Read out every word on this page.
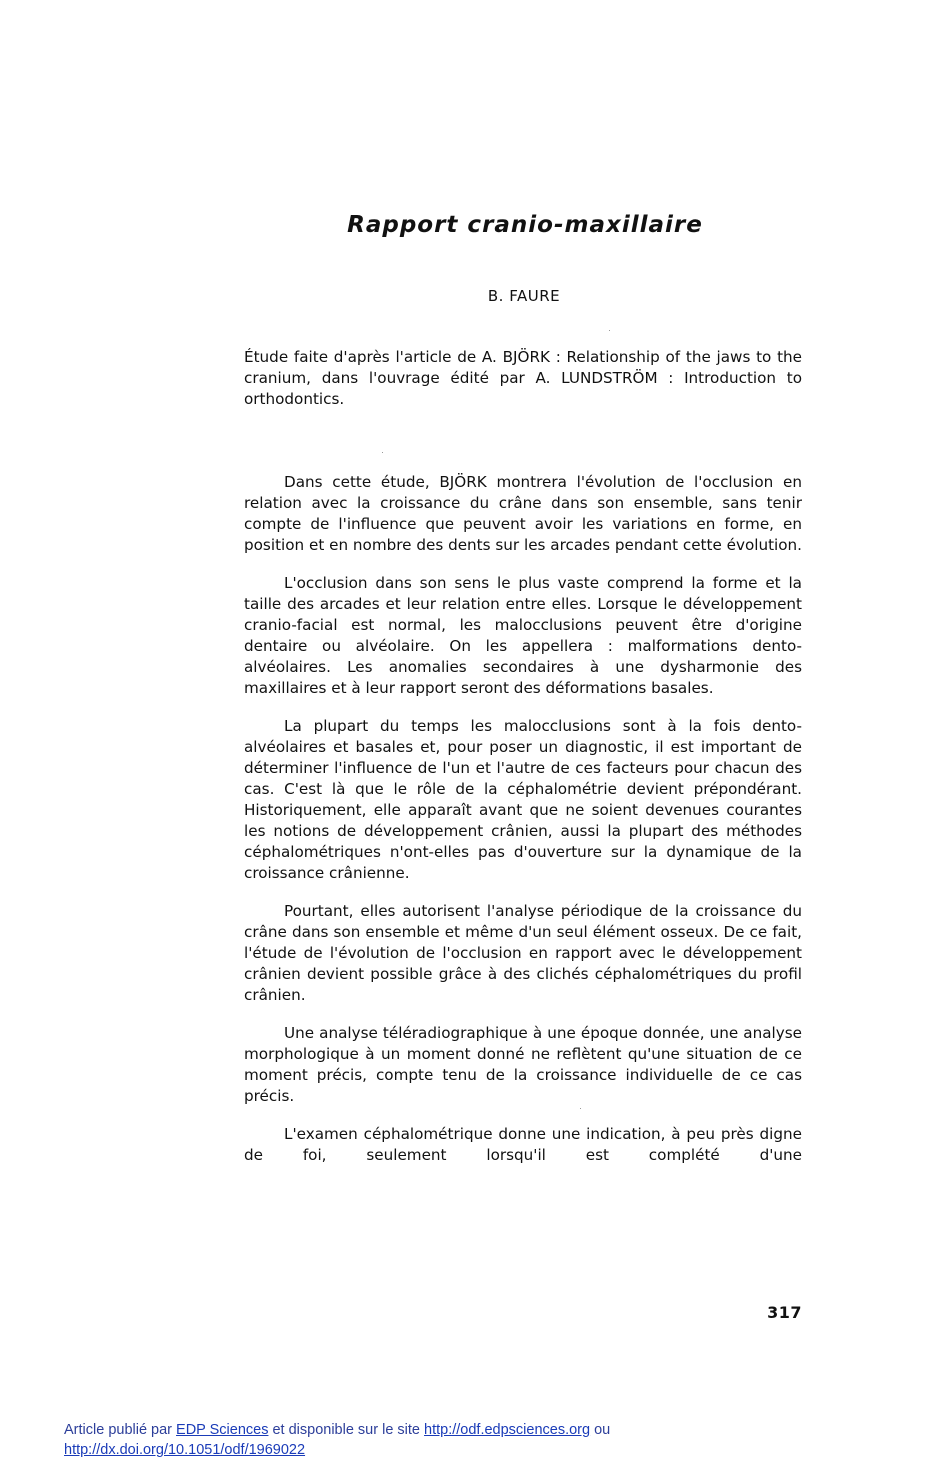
Rapport cranio-maxillaire
B. FAURE
Étude faite d'après l'article de A. BJÖRK : Relationship of the jaws to the cranium, dans l'ouvrage édité par A. LUNDSTRÖM : Introduction to orthodontics.

Dans cette étude, BJÖRK montrera l'évolution de l'occlusion en relation avec la croissance du crâne dans son ensemble, sans tenir compte de l'influence que peuvent avoir les variations en forme, en position et en nombre des dents sur les arcades pendant cette évolution.

L'occlusion dans son sens le plus vaste comprend la forme et la taille des arcades et leur relation entre elles. Lorsque le développement cranio-facial est normal, les malocclusions peuvent être d'origine dentaire ou alvéolaire. On les appellera : malformations dento-alvéolaires. Les anomalies secondaires à une dysharmonie des maxillaires et à leur rapport seront des déformations basales.

La plupart du temps les malocclusions sont à la fois dento-alvéolaires et basales et, pour poser un diagnostic, il est important de déterminer l'influence de l'un et l'autre de ces facteurs pour chacun des cas. C'est là que le rôle de la céphalométrie devient prépondérant. Historiquement, elle apparaît avant que ne soient devenues courantes les notions de développement crânien, aussi la plupart des méthodes céphalométriques n'ont-elles pas d'ouverture sur la dynamique de la croissance crânienne.

Pourtant, elles autorisent l'analyse périodique de la croissance du crâne dans son ensemble et même d'un seul élément osseux. De ce fait, l'étude de l'évolution de l'occlusion en rapport avec le développement crânien devient possible grâce à des clichés céphalométriques du profil crânien.

Une analyse téléradiographique à une époque donnée, une analyse morphologique à un moment donné ne reflètent qu'une situation de ce moment précis, compte tenu de la croissance individuelle de ce cas précis.

L'examen céphalométrique donne une indication, à peu près digne de foi, seulement lorsqu'il est complété d'une

317
Article publié par EDP Sciences et disponible sur le site http://odf.edpsciences.org ou
http://dx.doi.org/10.1051/odf/1969022
